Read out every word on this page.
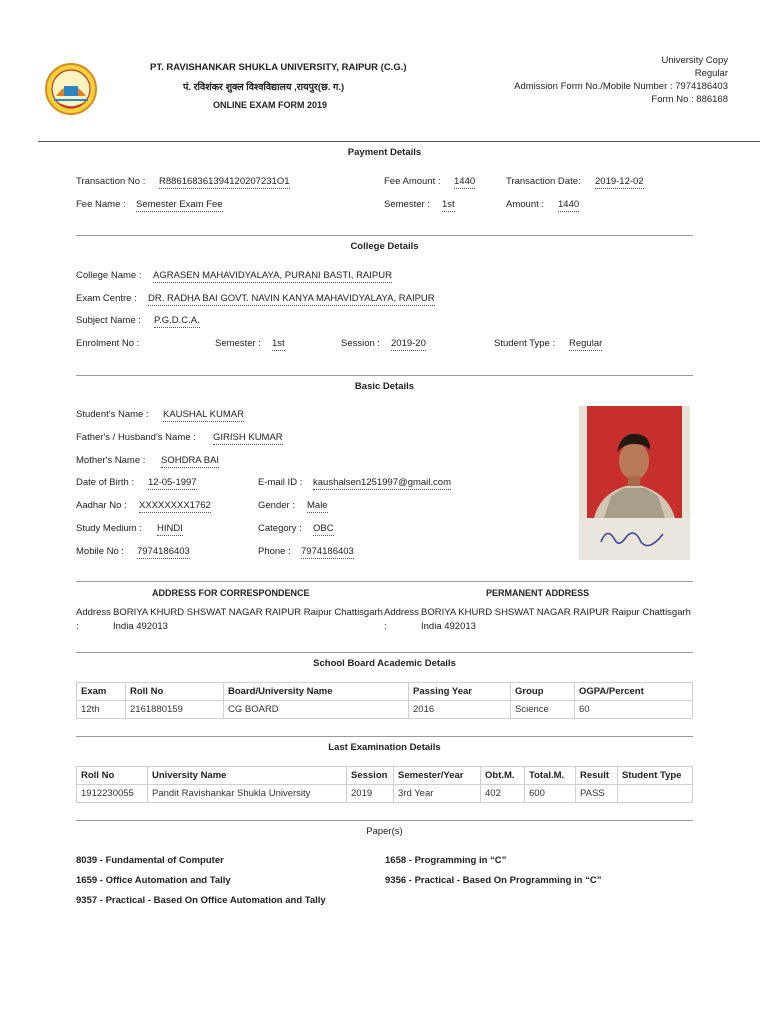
PT. RAVISHANKAR SHUKLA UNIVERSITY, RAIPUR (C.G.)
पं. रविशंकर शुक्ल विश्वविद्यालय ,रायपुर(छ. ग.)
ONLINE EXAM FORM 2019
University Copy
Regular
Admission Form No./Mobile Number : 7974186403
Form No : 886168
Payment Details
Transaction No : R886168361394120207231O1	Fee Amount : 1440	Transaction Date: 2019-12-02
Fee Name : Semester Exam Fee	Semester : 1st	Amount : 1440
College Details
College Name : AGRASEN MAHAVIDYALAYA, PURANI BASTI, RAIPUR
Exam Centre : DR. RADHA BAI GOVT. NAVIN KANYA MAHAVIDYALAYA, RAIPUR
Subject Name : P.G.D.C.A.
Enrolment No :	Semester : 1st	Session : 2019-20	Student Type : Regular
Basic Details
Student's Name : KAUSHAL KUMAR
Father's / Husband's Name : GIRISH KUMAR
Mother's Name : SOHDRA BAI
Date of Birth : 12-05-1997	E-mail ID : kaushalsen1251997@gmail.com
Aadhar No : XXXXXXXX1762	Gender : Male
Study Medium : HINDI	Category : OBC
Mobile No : 7974186403	Phone : 7974186403
ADDRESS FOR CORRESPONDENCE	PERMANENT ADDRESS
Address
:
BORIYA KHURD SHSWAT NAGAR RAIPUR Raipur Chattisgarh
India 492013
Address
:
BORIYA KHURD SHSWAT NAGAR RAIPUR Raipur Chattisgarh
India 492013
School Board Academic Details
Exam	Roll No	Board/University Name	Passing Year	Group	OGPA/Percent
12th	2161880159	CG BOARD	2016	Science	60
Last Examination Details
Roll No	University Name	Session	Semester/Year	Obt.M.	Total.M.	Result	Student Type
1912230055	Pandit Ravishankar Shukla University	2019	3rd Year	402	600	PASS	
Paper(s)
8039 - Fundamental of Computer	1658 - Programming in “C”
1659 - Office Automation and Tally	9356 - Practical - Based On Programming in “C”
9357 - Practical - Based On Office Automation and Tally
